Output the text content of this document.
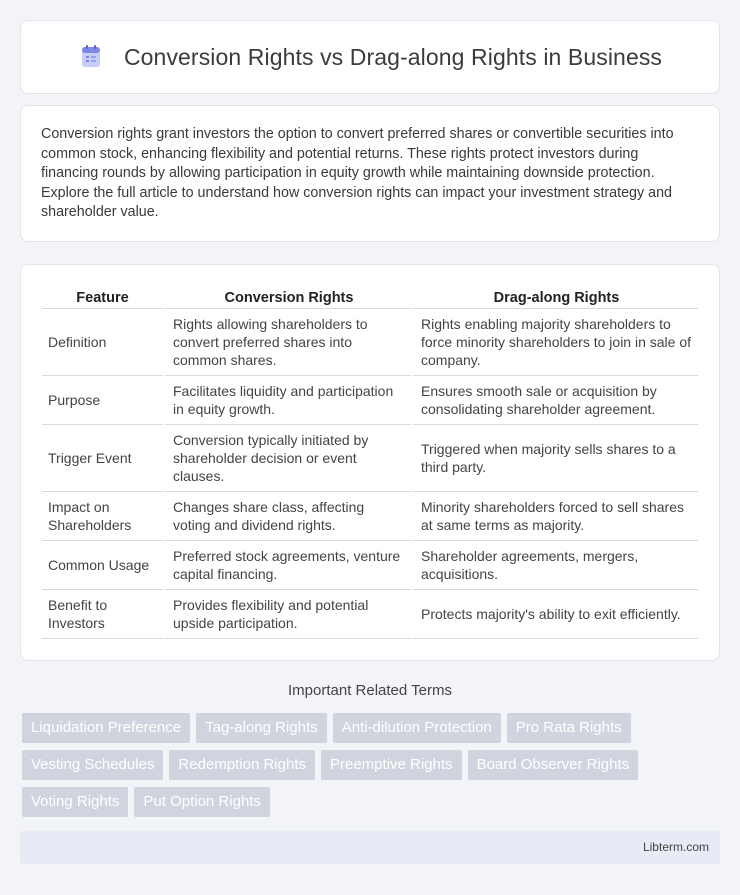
Conversion Rights vs Drag-along Rights in Business

Conversion rights grant investors the option to convert preferred shares or convertible securities into common stock, enhancing flexibility and potential returns. These rights protect investors during financing rounds by allowing participation in equity growth while maintaining downside protection. Explore the full article to understand how conversion rights can impact your investment strategy and shareholder value.

Feature	Conversion Rights	Drag-along Rights
Definition	Rights allowing shareholders to convert preferred shares into common shares.	Rights enabling majority shareholders to force minority shareholders to join in sale of company.
Purpose	Facilitates liquidity and participation in equity growth.	Ensures smooth sale or acquisition by consolidating shareholder agreement.
Trigger Event	Conversion typically initiated by shareholder decision or event clauses.	Triggered when majority sells shares to a third party.
Impact on Shareholders	Changes share class, affecting voting and dividend rights.	Minority shareholders forced to sell shares at same terms as majority.
Common Usage	Preferred stock agreements, venture capital financing.	Shareholder agreements, mergers, acquisitions.
Benefit to Investors	Provides flexibility and potential upside participation.	Protects majority's ability to exit efficiently.
Important Related Terms
Liquidation Preference	Tag-along Rights	Anti-dilution Protection	Pro Rata Rights
Vesting Schedules	Redemption Rights	Preemptive Rights	Board Observer Rights
Voting Rights	Put Option Rights
Libterm.com
